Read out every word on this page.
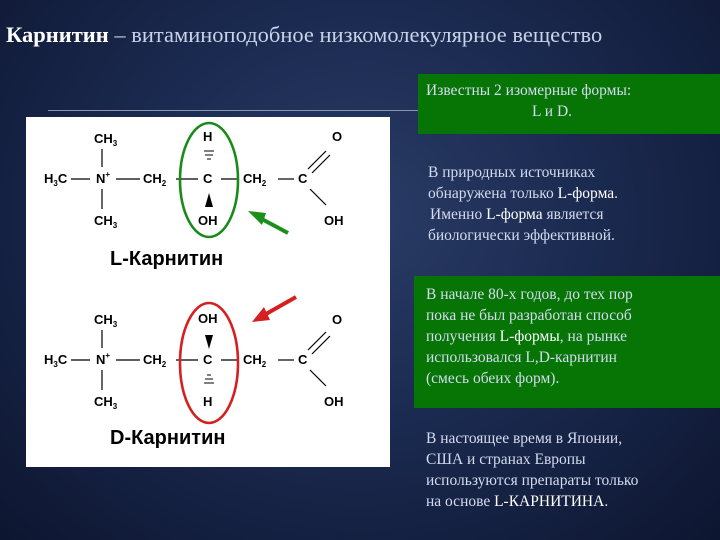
Карнитин – витаминоподобное низкомолекулярное вещество
$CH_3$
$H_3C$ N+	$CH_2$	C $CH_2$ C
$CH_3$
H
OH
O
OH
L-Карнитин
$CH_3$
$H_3C$ N+	$CH_2$	C $CH_2$ C
$CH_3$
OH
H
O
OH
D-Карнитин
Известны 2 изомерные формы:
L и D.
В природных источниках
обнаружена только L-форма.
Именно L-форма является
биологически эффективной.
В начале 80-х годов, до тех пор
пока не был разработан способ
получения L-формы, на рынке
использовался L,D-карнитин
(смесь обеих форм).
В настоящее время в Японии,
США и странах Европы
используются препараты только
на основе L-КАРНИТИНА.
